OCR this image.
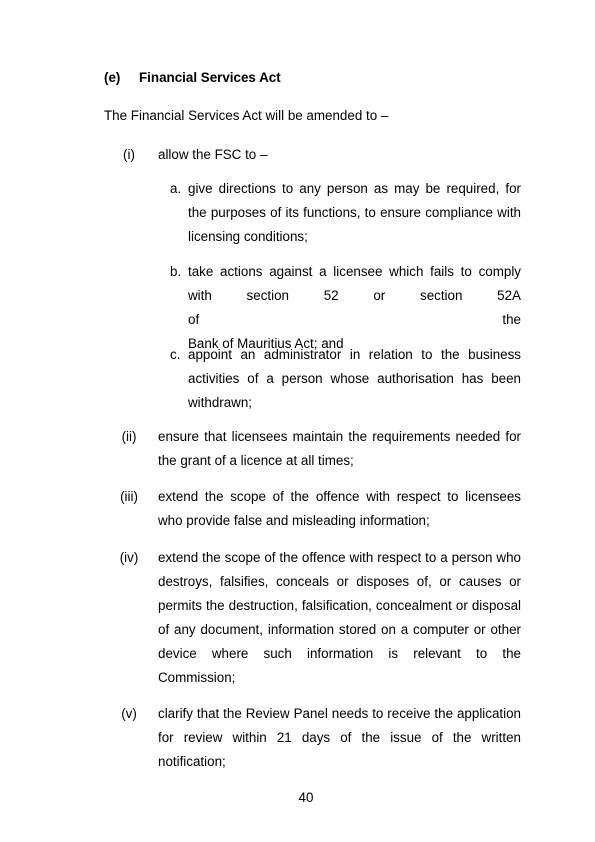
(e) Financial Services Act
The Financial Services Act will be amended to –
(i)	allow the FSC to –
a. give directions to any person as may be required, for the purposes of its functions, to ensure compliance with licensing conditions;
b. take actions against a licensee which fails to comply
with section 52 or section 52A of the
Bank of Mauritius Act; and
c. appoint an administrator in relation to the business activities of a person whose authorisation has been withdrawn;
(ii)	ensure that licensees maintain the requirements needed for the grant of a licence at all times;
(iii)	extend the scope of the offence with respect to licensees who provide false and misleading information;
(iv)	extend the scope of the offence with respect to a person who destroys, falsifies, conceals or disposes of, or causes or permits the destruction, falsification, concealment or disposal of any document, information stored on a computer or other device where such information is relevant to the Commission;
(v)	clarify that the Review Panel needs to receive the application for review within 21 days of the issue of the written notification;
40
